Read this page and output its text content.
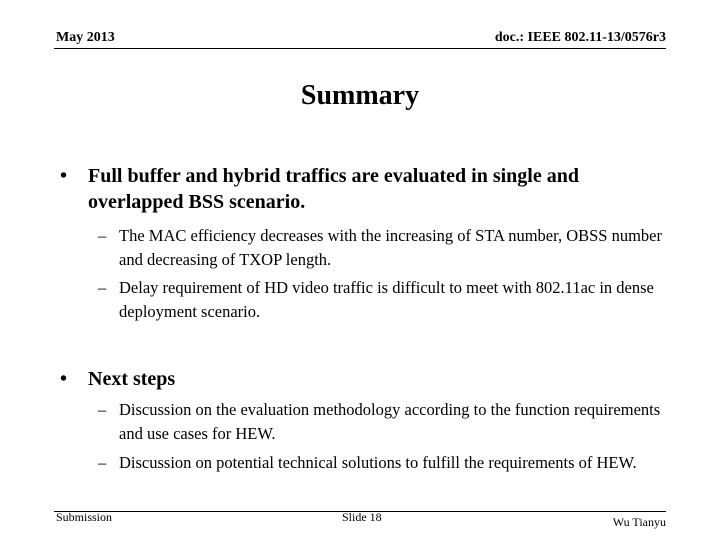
May 2013	doc.: IEEE 802.11-13/0576r3
Summary
• Full buffer and hybrid traffics are evaluated in single and overlapped BSS scenario.
– The MAC efficiency decreases with the increasing of STA number, OBSS number and decreasing of TXOP length.
– Delay requirement of HD video traffic is difficult to meet with 802.11ac in dense deployment scenario.
• Next steps
– Discussion on the evaluation methodology according to the function requirements and use cases for HEW.
– Discussion on potential technical solutions to fulfill the requirements of HEW.
Submission	Slide 18	Wu Tianyu
